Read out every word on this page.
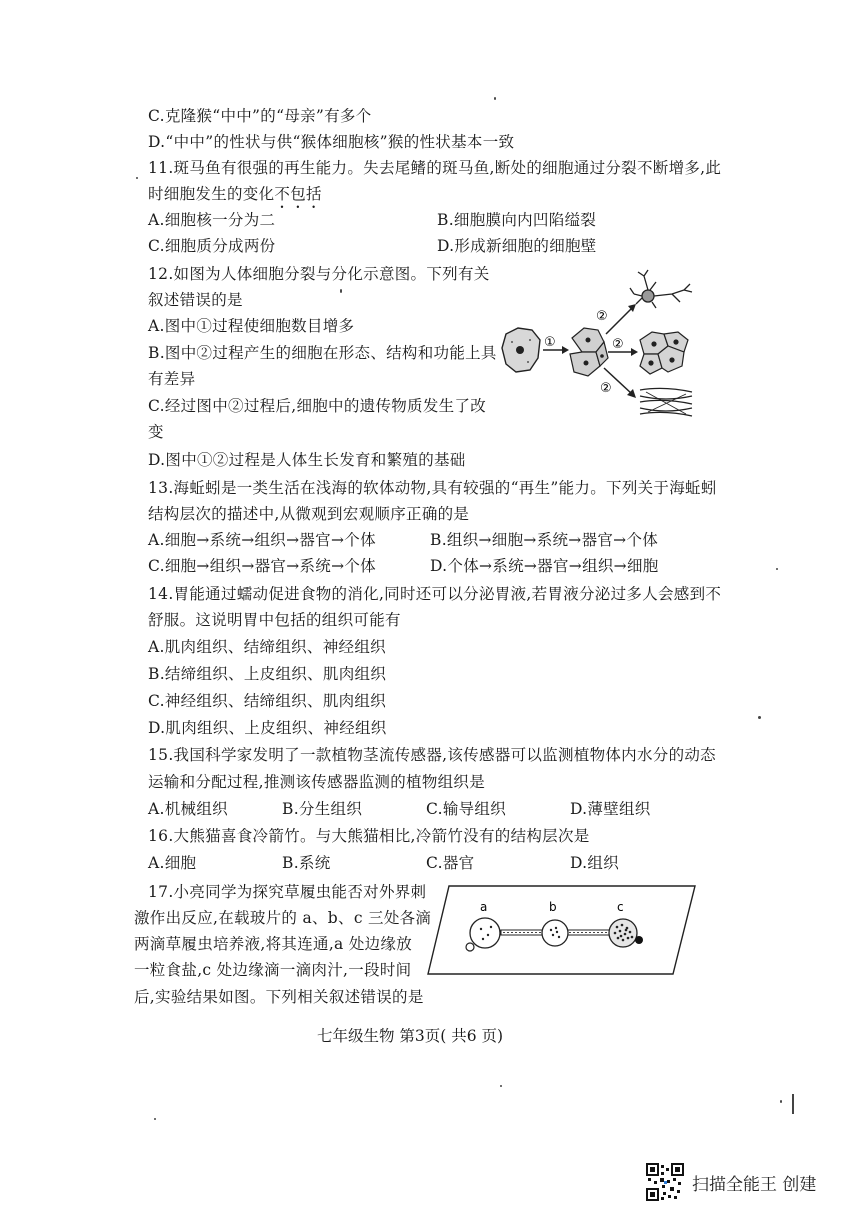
C.克隆猴“中中”的“母亲”有多个
D.“中中”的性状与供“猴体细胞核”猴的性状基本一致
11.斑马鱼有很强的再生能力。失去尾鳍的斑马鱼,断处的细胞通过分裂不断增多,此
时细胞发生的变化不包括
A.细胞核一分为二	B.细胞膜向内凹陷缢裂
C.细胞质分成两份	D.形成新细胞的细胞壁
12.如图为人体细胞分裂与分化示意图。下列有关
叙述错误的是
A.图中①过程使细胞数目增多
B.图中②过程产生的细胞在形态、结构和功能上具
有差异
C.经过图中②过程后,细胞中的遗传物质发生了改
变
D.图中①②过程是人体生长发育和繁殖的基础
①
②
②
②
13.海蚯蚓是一类生活在浅海的软体动物,具有较强的“再生”能力。下列关于海蚯蚓
结构层次的描述中,从微观到宏观顺序正确的是
A.细胞→系统→组织→器官→个体	B.组织→细胞→系统→器官→个体
C.细胞→组织→器官→系统→个体	D.个体→系统→器官→组织→细胞
14.胃能通过蠕动促进食物的消化,同时还可以分泌胃液,若胃液分泌过多人会感到不
舒服。这说明胃中包括的组织可能有
A.肌肉组织、结缔组织、神经组织
B.结缔组织、上皮组织、肌肉组织
C.神经组织、结缔组织、肌肉组织
D.肌肉组织、上皮组织、神经组织
15.我国科学家发明了一款植物茎流传感器,该传感器可以监测植物体内水分的动态
运输和分配过程,推测该传感器监测的植物组织是
A.机械组织	B.分生组织	C.输导组织	D.薄壁组织
16.大熊猫喜食冷箭竹。与大熊猫相比,冷箭竹没有的结构层次是
A.细胞	B.系统	C.器官	D.组织
17.小亮同学为探究草履虫能否对外界刺
激作出反应,在载玻片的 a、b、c 三处各滴
两滴草履虫培养液,将其连通,a 处边缘放
一粒食盐,c 处边缘滴一滴肉汁,一段时间
后,实验结果如图。下列相关叙述错误的是
a	b	c
七年级生物 第3页( 共6 页)
扫描全能王 创建
